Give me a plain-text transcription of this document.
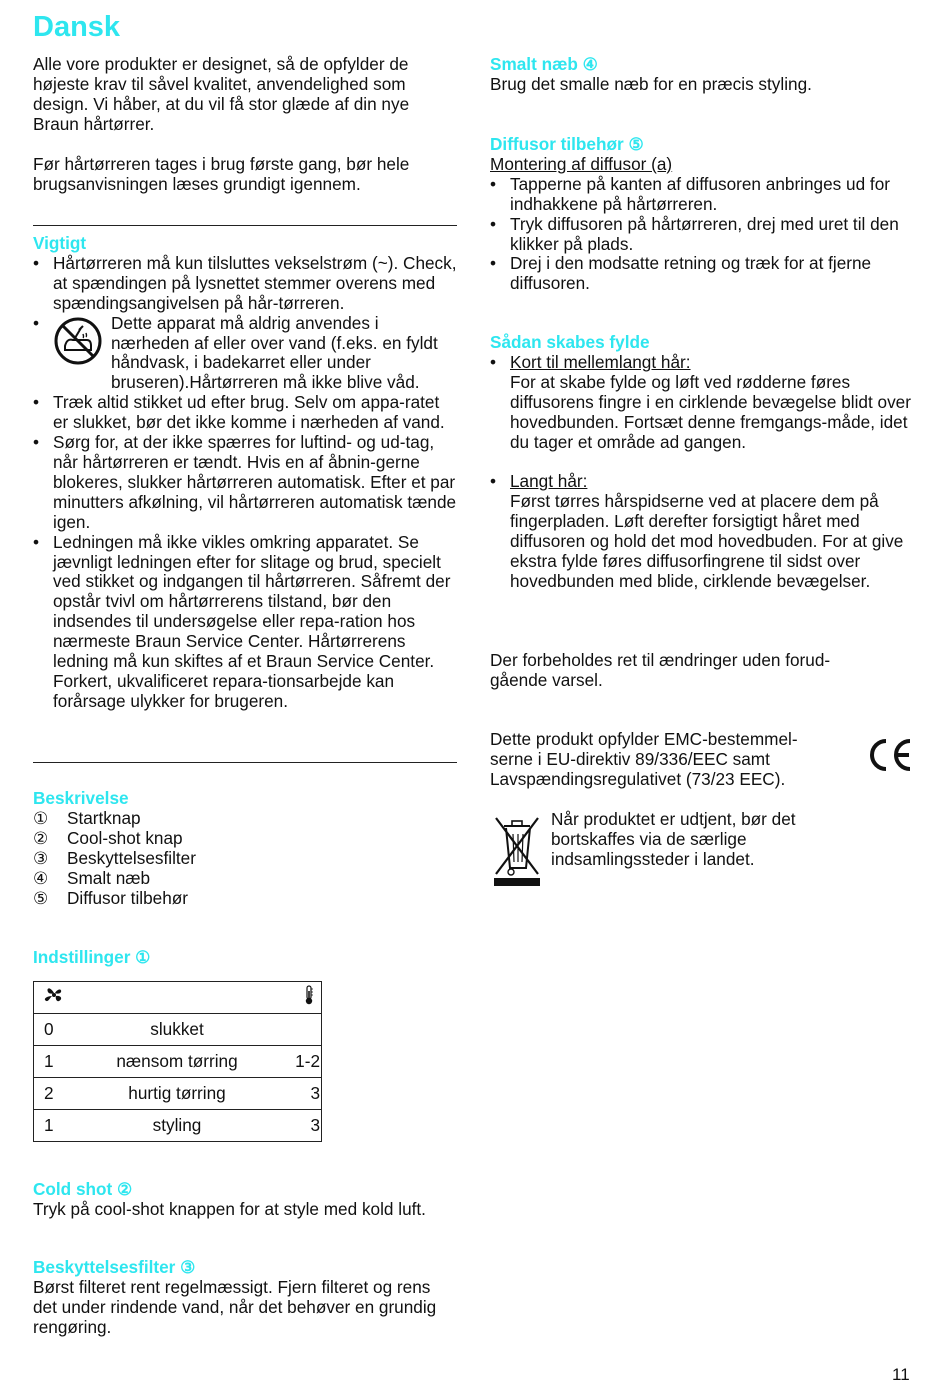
Dansk

Alle vore produkter er designet, så de opfylder de højeste krav til såvel kvalitet, anvendelighed som design. Vi håber, at du vil få stor glæde af din nye Braun hårtørrer.

Før hårtørreren tages i brug første gang, bør hele brugsanvisningen læses grundigt igennem.

Vigtigt

• Hårtørreren må kun tilsluttes vekselstrøm (~). Check, at spændingen på lysnettet stemmer overens med spændingsangivelsen på hår-tørreren.
•	Dette apparat må aldrig anvendes i nærheden af eller over vand (f.eks. en fyldt håndvask, i badekarret eller under bruseren).Hårtørreren må ikke blive våd.
• Træk altid stikket ud efter brug. Selv om appa-ratet er slukket, bør det ikke komme i nærheden af vand.
• Sørg for, at der ikke spærres for luftind- og ud-tag, når hårtørreren er tændt. Hvis en af åbnin-gerne blokeres, slukker hårtørreren automatisk. Efter et par minutters afkølning, vil hårtørreren automatisk tænde igen.
• Ledningen må ikke vikles omkring apparatet. Se jævnligt ledningen efter for slitage og brud, specielt ved stikket og indgangen til hårtørreren. Såfremt der opstår tvivl om hårtørrerens tilstand, bør den indsendes til undersøgelse eller repa-ration hos nærmeste Braun Service Center. Hårtørrerens ledning må kun skiftes af et Braun Service Center. Forkert, ukvalificeret repara-tionsarbejde kan forårsage ulykker for brugeren.

Beskrivelse

①	Startknap
②	Cool-shot knap
③	Beskyttelsesfilter
④	Smalt næb
⑤	Diffusor tilbehør

Indstillinger ①

0	slukket	
1	nænsom tørring	1-2
2	hurtig tørring	3
1	styling	3

Cold shot ②

Tryk på cool-shot knappen for at style med kold luft.

Beskyttelsesfilter ③

Børst filteret rent regelmæssigt. Fjern filteret og rens det under rindende vand, når det behøver en grundig rengøring.

Smalt næb ④

Brug det smalle næb for en præcis styling.

Diffusor tilbehør ⑤

Montering af diffusor (a)

• Tapperne på kanten af diffusoren anbringes ud for indhakkene på hårtørreren.
• Tryk diffusoren på hårtørreren, drej med uret til den klikker på plads.
• Drej i den modsatte retning og træk for at fjerne diffusoren.

Sådan skabes fylde

• Kort til mellemlangt hår:
For at skabe fylde og løft ved rødderne føres diffusorens fingre i en cirklende bevægelse blidt over hovedbunden. Fortsæt denne fremgangs-måde, idet du tager et område ad gangen.
• Langt hår:
Først tørres hårspidserne ved at placere dem på fingerpladen. Løft derefter forsigtigt håret med diffusoren og hold det mod hovedbuden. For at give ekstra fylde føres diffusorfingrene til sidst over hovedbunden med blide, cirklende bevægelser.

Der forbeholdes ret til ændringer uden forud-gående varsel.

Dette produkt opfylder EMC-bestemmel-serne i EU-direktiv 89/336/EEC samt Lavspændingsregulativet (73/23 EEC).

Når produktet er udtjent, bør det bortskaffes via de særlige indsamlingssteder i landet.

11
